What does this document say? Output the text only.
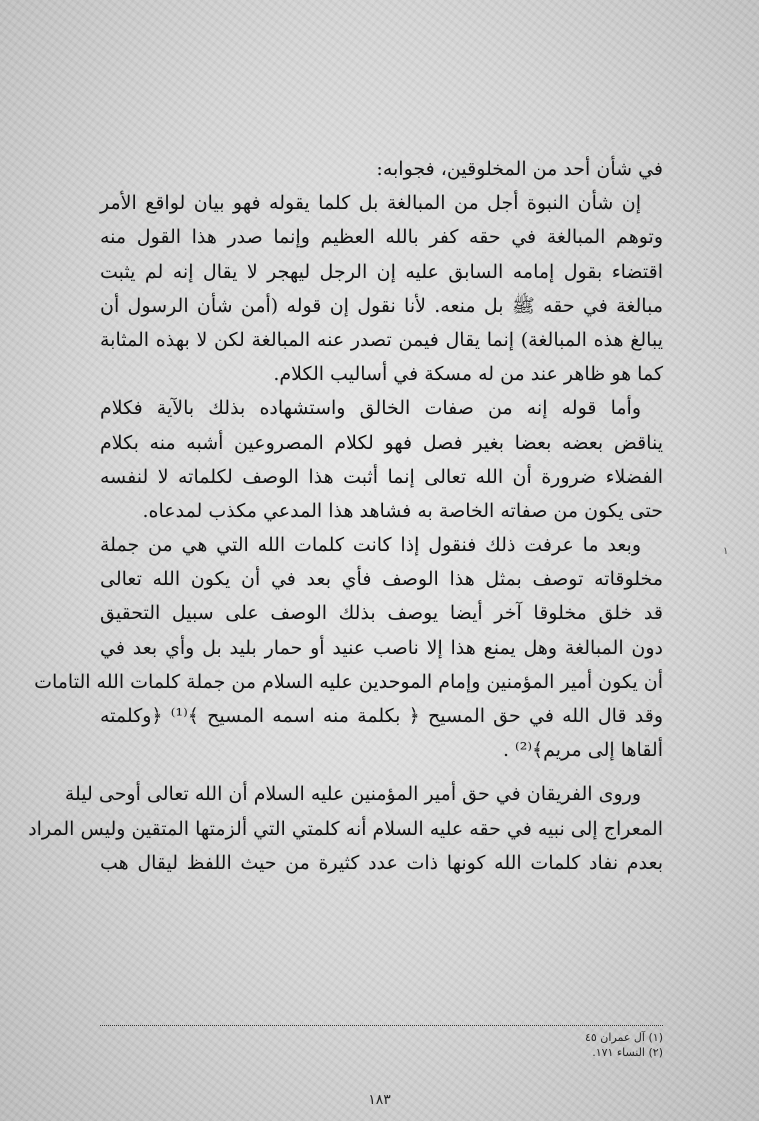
في شأن أحد من المخلوقين، فجوابه:
إن شأن النبوة أجل من المبالغة بل كلما يقوله فهو بيان لواقع الأمر
وتوهم المبالغة في حقه كفر بالله العظيم وإنما صدر هذا القول منه
اقتضاء بقول إمامه السابق عليه إن الرجل ليهجر لا يقال إنه لم يثبت
مبالغة في حقه ﷺ بل منعه. لأنا نقول إن قوله (أمن شأن الرسول أن
يبالغ هذه المبالغة) إنما يقال فيمن تصدر عنه المبالغة لكن لا بهذه المثابة
كما هو ظاهر عند من له مسكة في أساليب الكلام.
وأما قوله إنه من صفات الخالق واستشهاده بذلك بالآية فكلام
يناقض بعضه بعضا بغير فصل فهو لكلام المصروعين أشبه منه بكلام
الفضلاء ضرورة أن الله تعالى إنما أثبت هذا الوصف لكلماته لا لنفسه
حتى يكون من صفاته الخاصة به فشاهد هذا المدعي مكذب لمدعاه.
وبعد ما عرفت ذلك فنقول إذا كانت كلمات الله التي هي من جملة
مخلوقاته توصف بمثل هذا الوصف فأي بعد في أن يكون الله تعالى
قد خلق مخلوقا آخر أيضا يوصف بذلك الوصف على سبيل التحقيق
دون المبالغة وهل يمنع هذا إلا ناصب عنيد أو حمار بليد بل وأي بعد في
أن يكون أمير المؤمنين وإمام الموحدين عليه السلام من جملة كلمات الله التامات
وقد قال الله في حق المسيح ﴿ بكلمة منه اسمه المسيح ﴾⁽¹⁾ ﴿وكلمته
ألقاها إلى مريم﴾⁽²⁾ .
وروى الفريقان في حق أمير المؤمنين عليه السلام أن الله تعالى أوحى ليلة
المعراج إلى نبيه في حقه عليه السلام أنه كلمتي التي ألزمتها المتقين وليس المراد
بعدم نفاد كلمات الله كونها ذات عدد كثيرة من حيث اللفظ ليقال هب
(١) آل عمران ٤٥
(٢) النساء ١٧١.
١٨٣
١
